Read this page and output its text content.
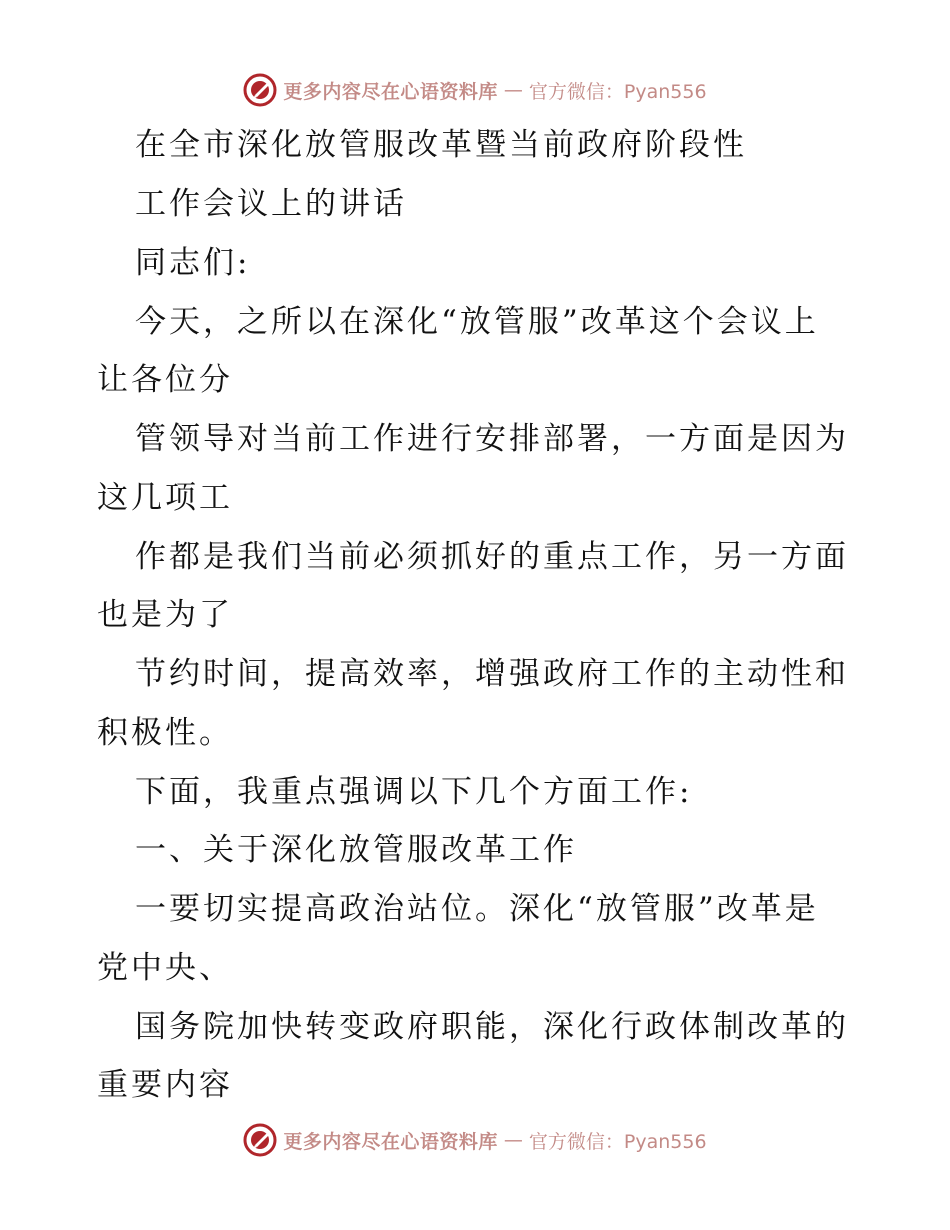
更多内容尽在心语资料库 — 官方微信：Pyan556
在全市深化放管服改革暨当前政府阶段性
工作会议上的讲话
同志们:
今天，之所以在深化“放管服”改革这个会议上
让各位分
管领导对当前工作进行安排部署，一方面是因为
这几项工
作都是我们当前必须抓好的重点工作，另一方面
也是为了
节约时间，提高效率，增强政府工作的主动性和
积极性。
下面，我重点强调以下几个方面工作:
一、关于深化放管服改革工作
一要切实提高政治站位。深化“放管服”改革是
党中央、
国务院加快转变政府职能，深化行政体制改革的
重要内容
更多内容尽在心语资料库 — 官方微信：Pyan556
